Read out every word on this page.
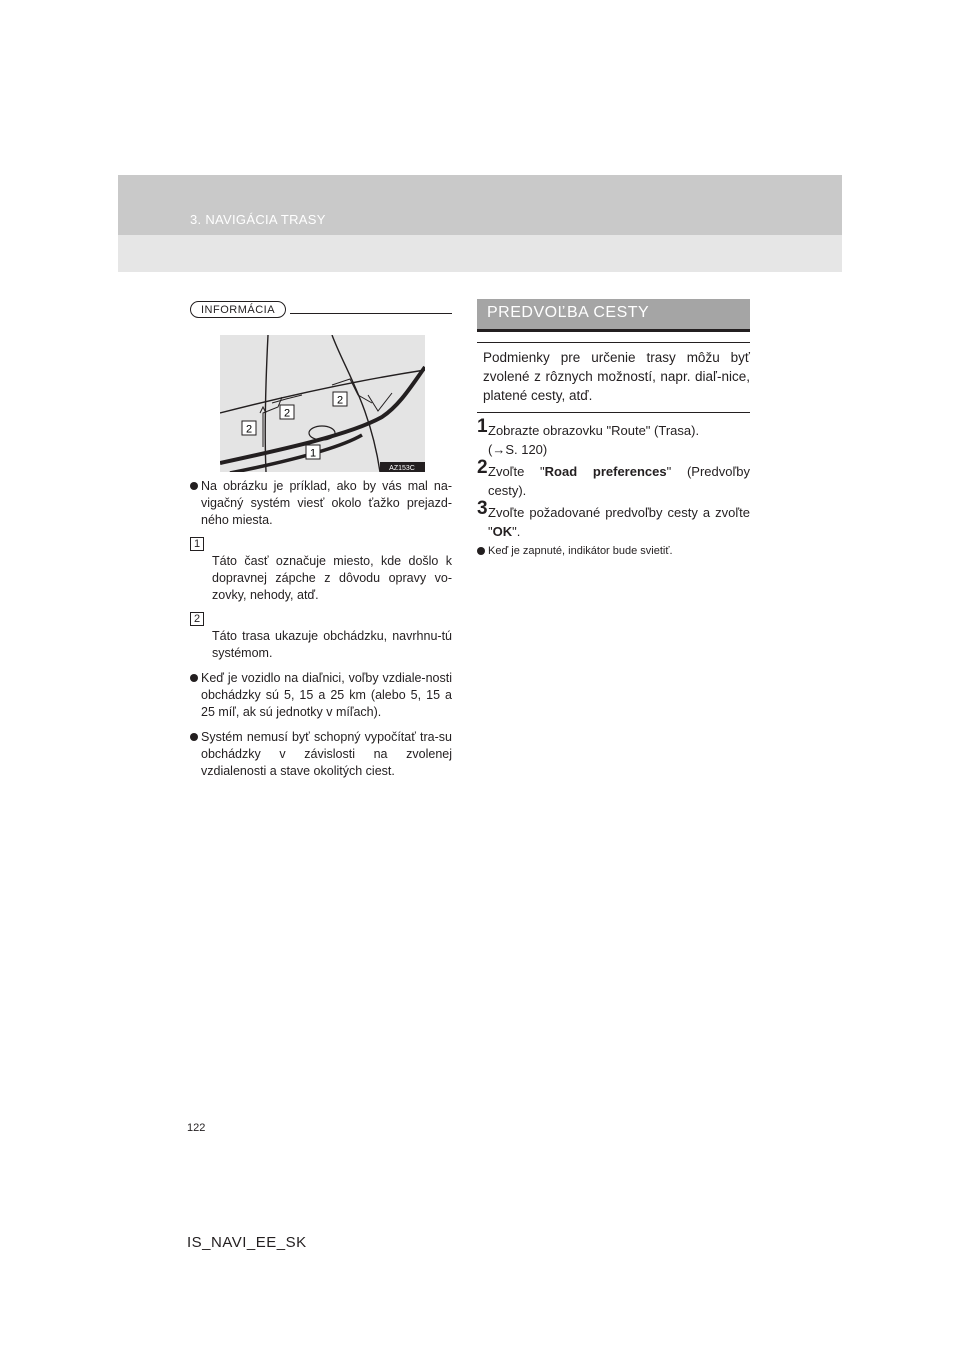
3. NAVIGÁCIA TRASY
INFORMÁCIA
2
2
2
1
AZ153C
Na obrázku je príklad, ako by vás mal na-vigačný systém viesť okolo ťažko prejazd-ného miesta.
1
Táto časť označuje miesto, kde došlo k dopravnej zápche z dôvodu opravy vo-zovky, nehody, atď.
2
Táto trasa ukazuje obchádzku, navrhnu-tú systémom.
Keď je vozidlo na diaľnici, voľby vzdiale-nosti obchádzky sú 5, 15 a 25 km (alebo 5, 15 a 25 míľ, ak sú jednotky v míľach).
Systém nemusí byť schopný vypočítať tra-su obchádzky v závislosti na zvolenej vzdialenosti a stave okolitých ciest.
PREDVOĽBA CESTY
Podmienky pre určenie trasy môžu byť zvolené z rôznych možností, napr. diaľ-nice, platené cesty, atď.
1 Zobrazte obrazovku "Route" (Trasa).
(→S. 120)
2 Zvoľte "Road preferences" (Predvoľby cesty).
3 Zvoľte požadované predvoľby cesty a zvoľte "OK".
Keď je zapnuté, indikátor bude svietiť.
122
IS_NAVI_EE_SK
